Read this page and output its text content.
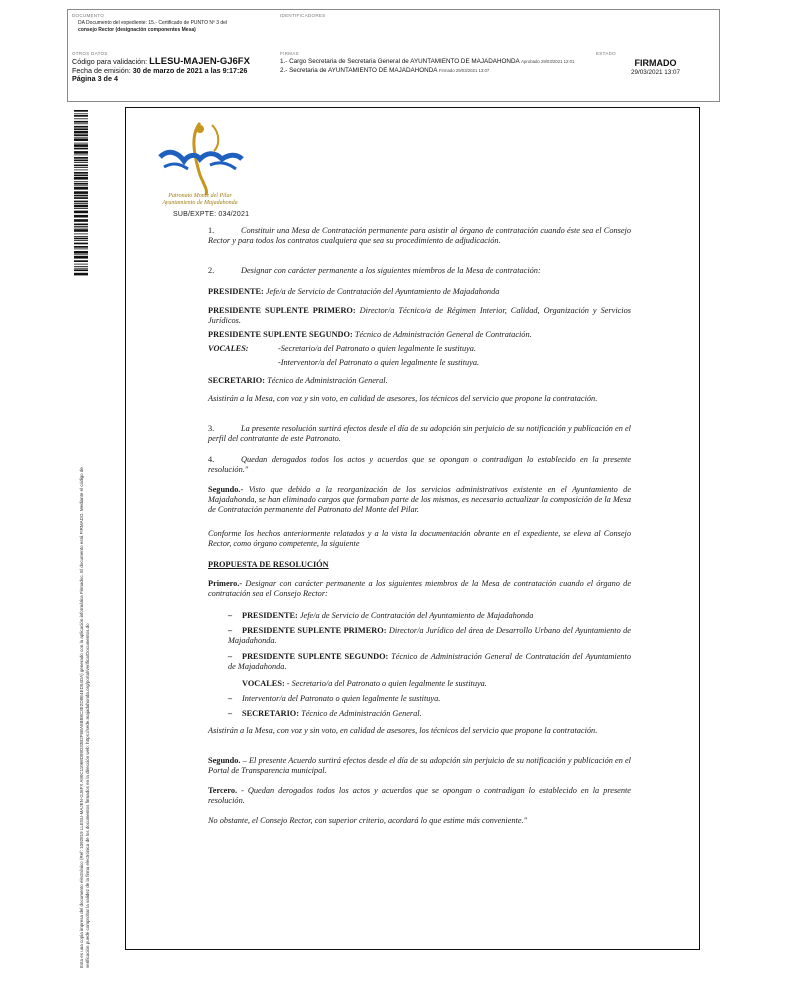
DOCUMENTO
DA Documento del expediente: 15.- Certificado de PUNTO Nº 3 del
consejo Rector (designación componentes Mesa)
IDENTIFICADORES
OTROS DATOS
Código para validación: LLESU-MAJEN-GJ6FX
Fecha de emisión: 30 de marzo de 2021 a las 9:17:26
Página 3 de 4
FIRMAS
1.- Cargo Secretaria de Secretaria General de AYUNTAMIENTO DE MAJADAHONDA Aprobado 29/03/2021 12:01
2.- Secretaria de AYUNTAMIENTO DE MAJADAHONDA Firmado 29/03/2021 13:07
ESTADO
FIRMADO
29/03/2021 13:07
Esta es una copia impresa del documento electrónico (Ref: 1092819 LLESU-MAJEN-GJ6FX A90C11068D89D33B2F6BA5BB8C3E2D8E4ED54DA) generado con la aplicación informática Firmadoc. El documento está FIRMADO. Mediante el código de verificación puede comprobar la validez de la firma electrónica de los documentos firmados en la dirección web: https://sede.majadahonda.org/portal/verificarDocumentos.do
Patronato Monte del Pilar
Ayuntamiento de Majadahonda
SUB/EXPTE: 034/2021

1.	Constituir una Mesa de Contratación permanente para asistir al órgano de contratación cuando éste sea el Consejo Rector y para todos los contratos cualquiera que sea su procedimiento de adjudicación.

2.	Designar con carácter permanente a los siguientes miembros de la Mesa de contratación:

PRESIDENTE: Jefe/a de Servicio de Contratación del Ayuntamiento de Majadahonda

PRESIDENTE SUPLENTE PRIMERO: Director/a Técnico/a de Régimen Interior, Calidad, Organización y Servicios Jurídicos.

PRESIDENTE SUPLENTE SEGUNDO: Técnico de Administración General de Contratación.

VOCALES:	-Secretario/a del Patronato o quien legalmente le sustituya.

-Interventor/a del Patronato o quien legalmente le sustituya.

SECRETARIO: Técnico de Administración General.

Asistirán a la Mesa, con voz y sin voto, en calidad de asesores, los técnicos del servicio que propone la contratación.

3.	La presente resolución surtirá efectos desde el día de su adopción sin perjuicio de su notificación y publicación en el perfil del contratante de este Patronato.

4.	Quedan derogados todos los actos y acuerdos que se opongan o contradigan lo establecido en la presente resolución."

Segundo.- Visto que debido a la reorganización de los servicios administrativos existente en el Ayuntamiento de Majadahonda, se han eliminado cargos que formaban parte de los mismos, es necesario actualizar la composición de la Mesa de Contratación permanente del Patronato del Monte del Pilar.

Conforme los hechos anteriormente relatados y a la vista la documentación obrante en el expediente, se eleva al Consejo Rector, como órgano competente, la siguiente

PROPUESTA DE RESOLUCIÓN

Primero.- Designar con carácter permanente a los siguientes miembros de la Mesa de contratación cuando el órgano de contratación sea el Consejo Rector:

– PRESIDENTE: Jefe/a de Servicio de Contratación del Ayuntamiento de Majadahonda

– PRESIDENTE SUPLENTE PRIMERO: Director/a Jurídico del área de Desarrollo Urbano del Ayuntamiento de Majadahonda.

– PRESIDENTE SUPLENTE SEGUNDO: Técnico de Administración General de Contratación del Ayuntamiento de Majadahonda.

VOCALES: - Secretario/a del Patronato o quien legalmente le sustituya.

– Interventor/a del Patronato o quien legalmente le sustituya.

– SECRETARIO: Técnico de Administración General.

Asistirán a la Mesa, con voz y sin voto, en calidad de asesores, los técnicos del servicio que propone la contratación.

Segundo. – El presente Acuerdo surtirá efectos desde el día de su adopción sin perjuicio de su notificación y publicación en el Portal de Transparencia municipal.

Tercero. - Quedan derogados todos los actos y acuerdos que se opongan o contradigan lo establecido en la presente resolución.

No obstante, el Consejo Rector, con superior criterio, acordará lo que estime más conveniente."
